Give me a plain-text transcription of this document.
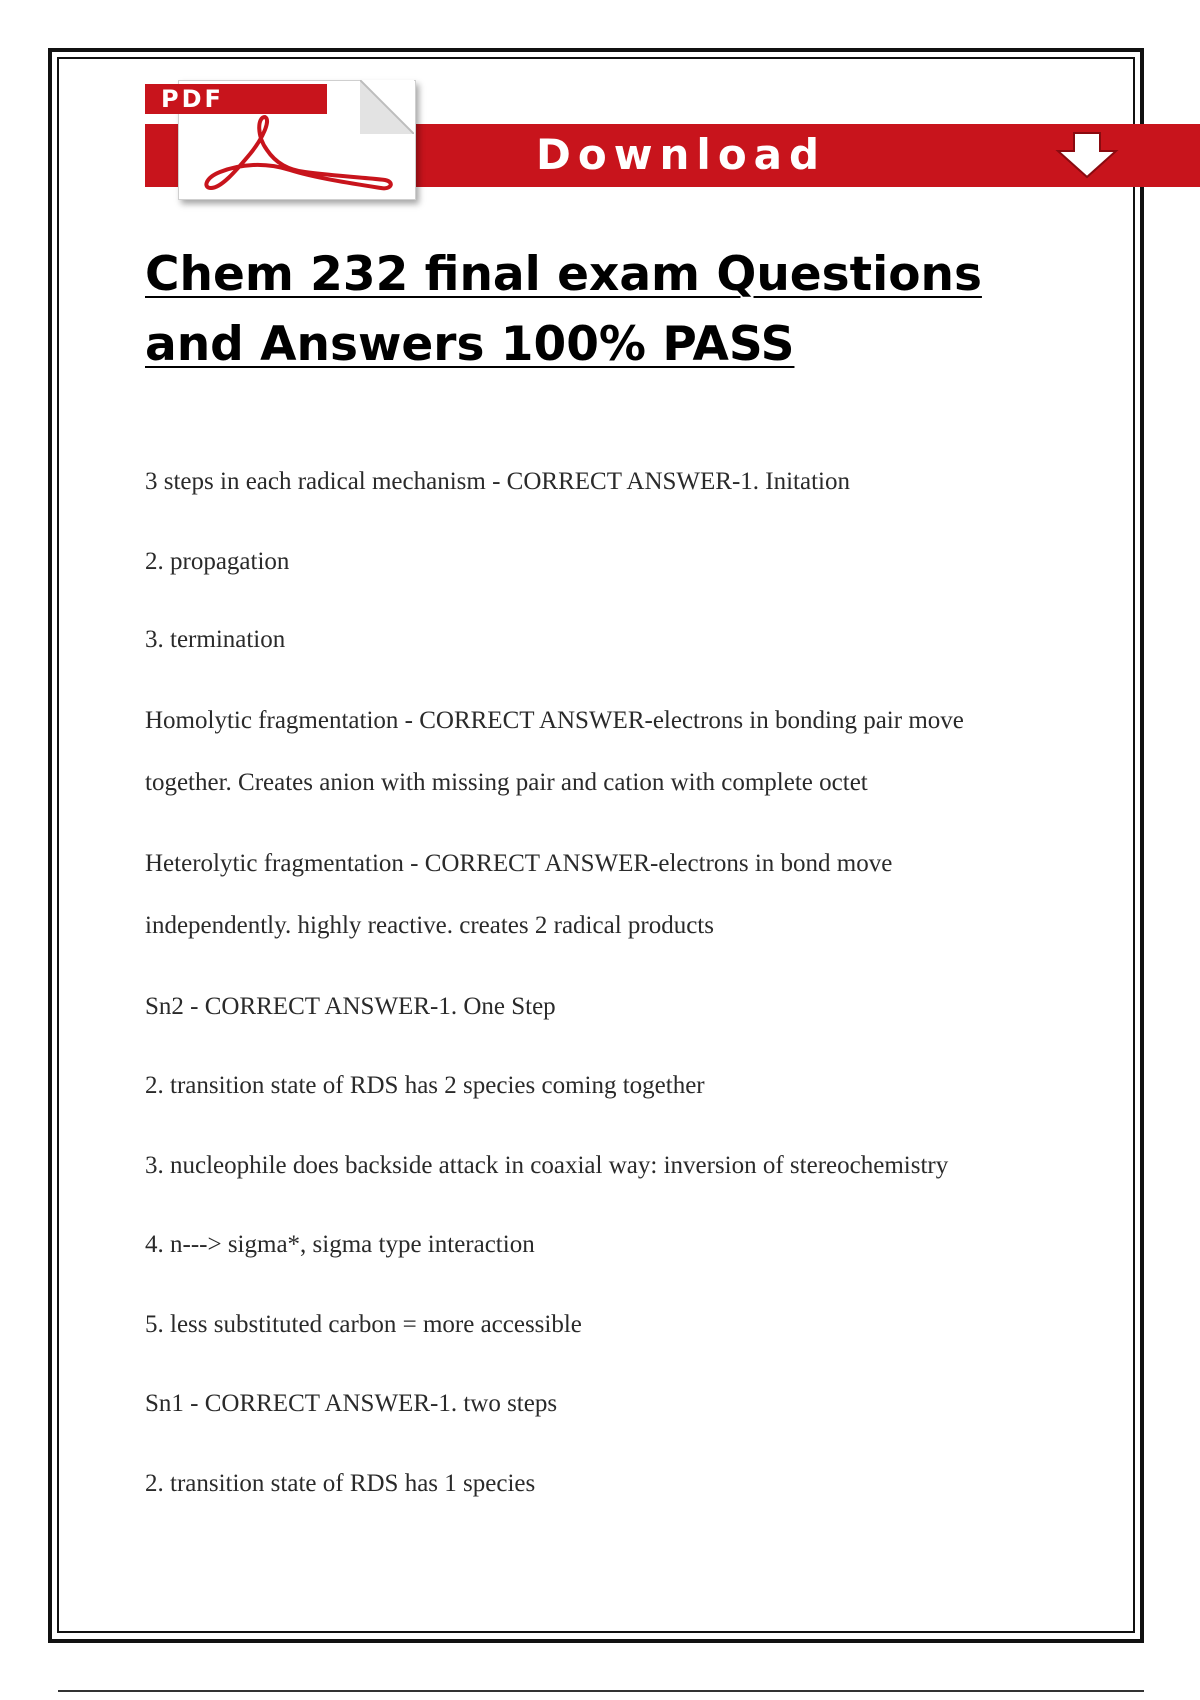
Download
PDF
Chem 232 final exam Questions
and Answers 100% PASS
3 steps in each radical mechanism - CORRECT ANSWER-1. Initation
2. propagation
3. termination
Homolytic fragmentation - CORRECT ANSWER-electrons in bonding pair move
together. Creates anion with missing pair and cation with complete octet
Heterolytic fragmentation - CORRECT ANSWER-electrons in bond move
independently. highly reactive. creates 2 radical products
Sn2 - CORRECT ANSWER-1. One Step
2. transition state of RDS has 2 species coming together
3. nucleophile does backside attack in coaxial way: inversion of stereochemistry
4. n---> sigma*, sigma type interaction
5. less substituted carbon = more accessible
Sn1 - CORRECT ANSWER-1. two steps
2. transition state of RDS has 1 species
